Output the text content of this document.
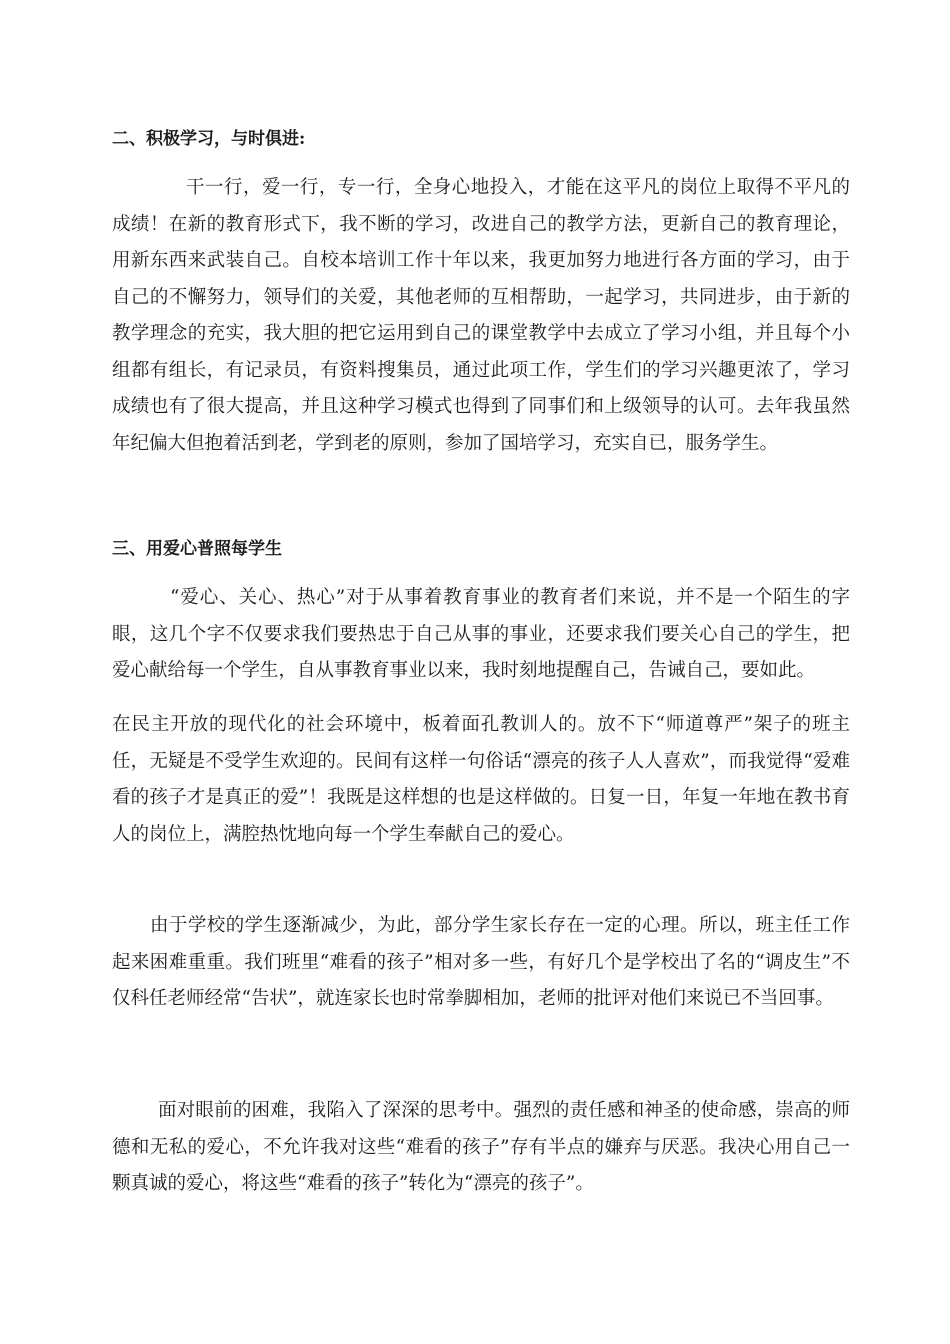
二、积极学习，与时俱进:

干一行，爱一行，专一行，全身心地投入，才能在这平凡的岗位上取得不平凡的成绩！在新的教育形式下，我不断的学习，改进自己的教学方法，更新自己的教育理论，用新东西来武装自己。自校本培训工作十年以来，我更加努力地进行各方面的学习，由于自己的不懈努力，领导们的关爱，其他老师的互相帮助，一起学习，共同进步，由于新的教学理念的充实，我大胆的把它运用到自己的课堂教学中去成立了学习小组，并且每个小组都有组长，有记录员，有资料搜集员，通过此项工作，学生们的学习兴趣更浓了，学习成绩也有了很大提高，并且这种学习模式也得到了同事们和上级领导的认可。去年我虽然年纪偏大但抱着活到老，学到老的原则，参加了国培学习，充实自已，服务学生。

三、用爱心普照每学生

“爱心、关心、热心”对于从事着教育事业的教育者们来说，并不是一个陌生的字眼，这几个字不仅要求我们要热忠于自己从事的事业，还要求我们要关心自己的学生，把爱心献给每一个学生，自从事教育事业以来，我时刻地提醒自己，告诫自己，要如此。

在民主开放的现代化的社会环境中，板着面孔教训人的。放不下“师道尊严”架子的班主任，无疑是不受学生欢迎的。民间有这样一句俗话“漂亮的孩子人人喜欢”，而我觉得“爱难看的孩子才是真正的爱”！我既是这样想的也是这样做的。日复一日，年复一年地在教书育人的岗位上，满腔热忱地向每一个学生奉献自己的爱心。

由于学校的学生逐渐减少，为此，部分学生家长存在一定的心理。所以，班主任工作起来困难重重。我们班里“难看的孩子”相对多一些，有好几个是学校出了名的“调皮生”不仅科任老师经常“告状”，就连家长也时常拳脚相加，老师的批评对他们来说已不当回事。

面对眼前的困难，我陷入了深深的思考中。强烈的责任感和神圣的使命感，崇高的师德和无私的爱心，不允许我对这些“难看的孩子”存有半点的嫌弃与厌恶。我决心用自己一颗真诚的爱心，将这些“难看的孩子”转化为“漂亮的孩子”。
